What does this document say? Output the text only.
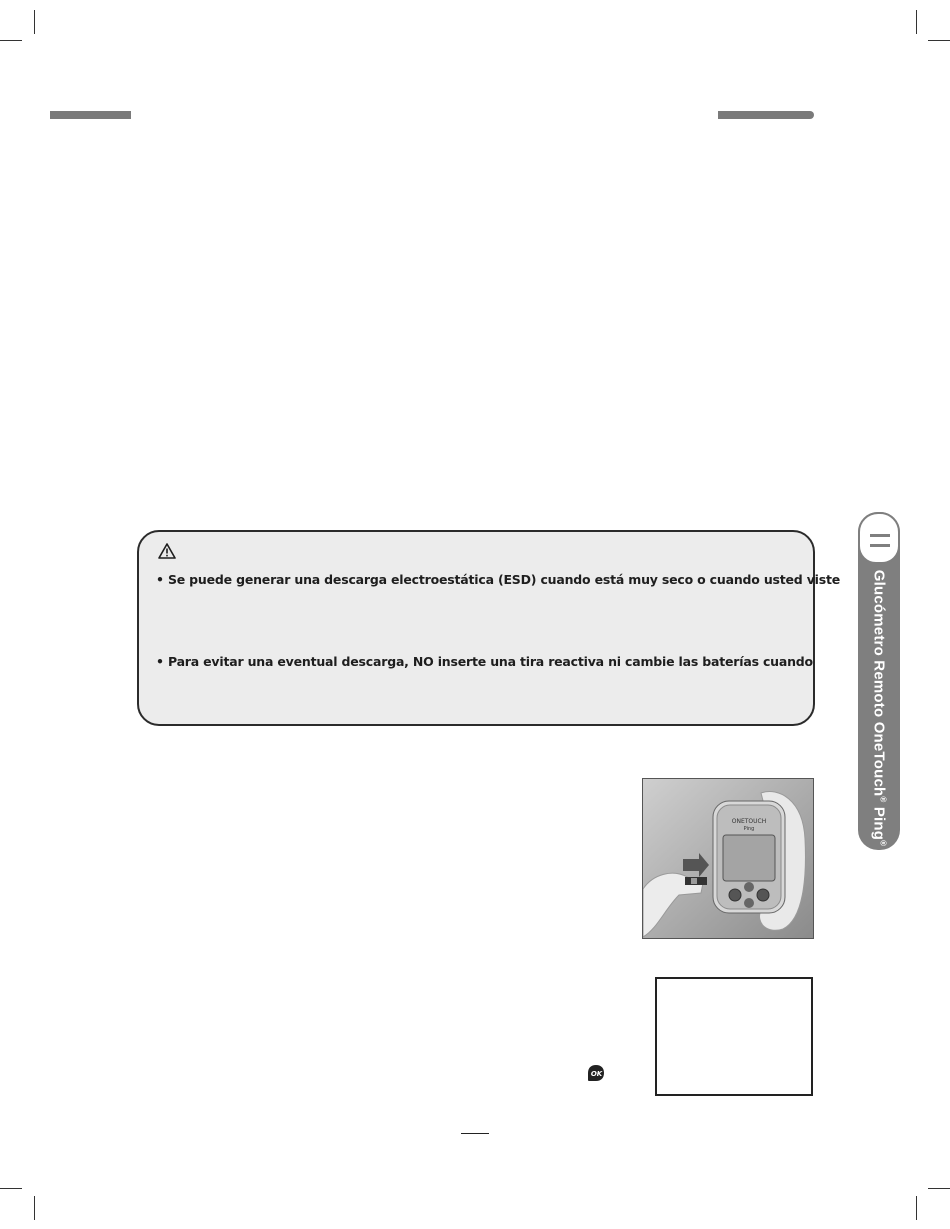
• Se puede generar una descarga electroestática (ESD) cuando está muy seco o cuando usted viste
• Para evitar una eventual descarga, NO inserte una tira reactiva ni cambie las baterías cuando	Glucómetro Remoto OneTouch® Ping®
ONETOUCH
Ping
OK
